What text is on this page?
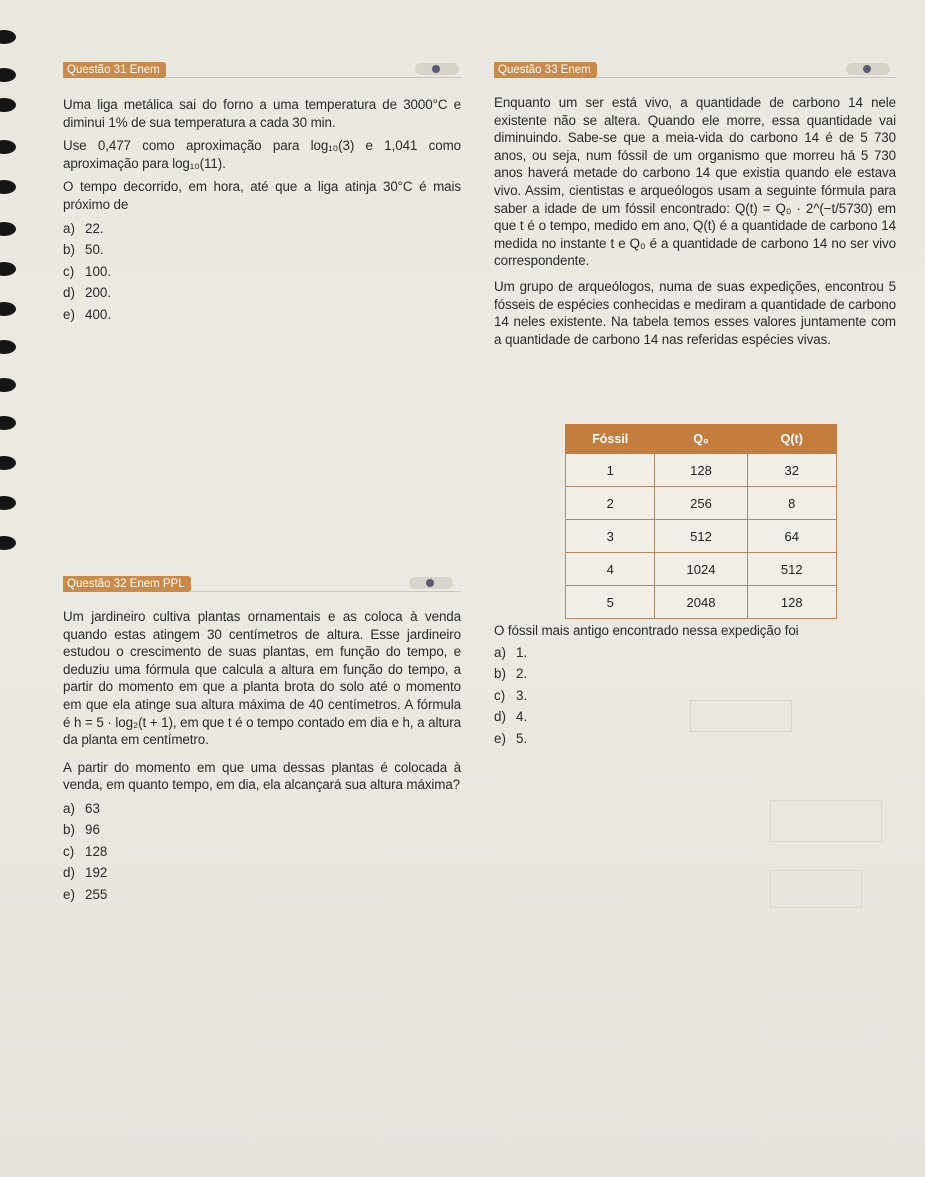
Questão 31 Enem

Uma liga metálica sai do forno a uma temperatura de 3000°C e diminui 1% de sua temperatura a cada 30 min.

Use 0,477 como aproximação para log₁₀(3) e 1,041 como aproximação para log₁₀(11).

O tempo decorrido, em hora, até que a liga atinja 30°C é mais próximo de

a) 22.
b) 50.
c) 100.
d) 200.
e) 400.
Questão 32 Enem PPL

Um jardineiro cultiva plantas ornamentais e as coloca à venda quando estas atingem 30 centímetros de altura. Esse jardineiro estudou o crescimento de suas plantas, em função do tempo, e deduziu uma fórmula que calcula a altura em função do tempo, a partir do momento em que a planta brota do solo até o momento em que ela atinge sua altura máxima de 40 centímetros. A fórmula é h = 5 · log₂(t + 1), em que t é o tempo contado em dia e h, a altura da planta em centímetro.

A partir do momento em que uma dessas plantas é colocada à venda, em quanto tempo, em dia, ela alcançará sua altura máxima?

a) 63
b) 96
c) 128
d) 192
e) 255
Questão 33 Enem

Enquanto um ser está vivo, a quantidade de carbono 14 nele existente não se altera. Quando ele morre, essa quantidade vai diminuindo. Sabe-se que a meia-vida do carbono 14 é de 5 730 anos, ou seja, num fóssil de um organismo que morreu há 5 730 anos haverá metade do carbono 14 que existia quando ele estava vivo. Assim, cientistas e arqueólogos usam a seguinte fórmula para saber a idade de um fóssil encontrado: Q(t) = Q₀ · 2^(−t/5730) em que t é o tempo, medido em ano, Q(t) é a quantidade de carbono 14 medida no instante t e Q₀ é a quantidade de carbono 14 no ser vivo correspondente.

Um grupo de arqueólogos, numa de suas expedições, encontrou 5 fósseis de espécies conhecidas e mediram a quantidade de carbono 14 neles existente. Na tabela temos esses valores juntamente com a quantidade de carbono 14 nas referidas espécies vivas.

Fóssil	Q₀	Q(t)
1	128	32
2	256	8
3	512	64
4	1024	512
5	2048	128

O fóssil mais antigo encontrado nessa expedição foi

a) 1.
b) 2.
c) 3.
d) 4.
e) 5.
